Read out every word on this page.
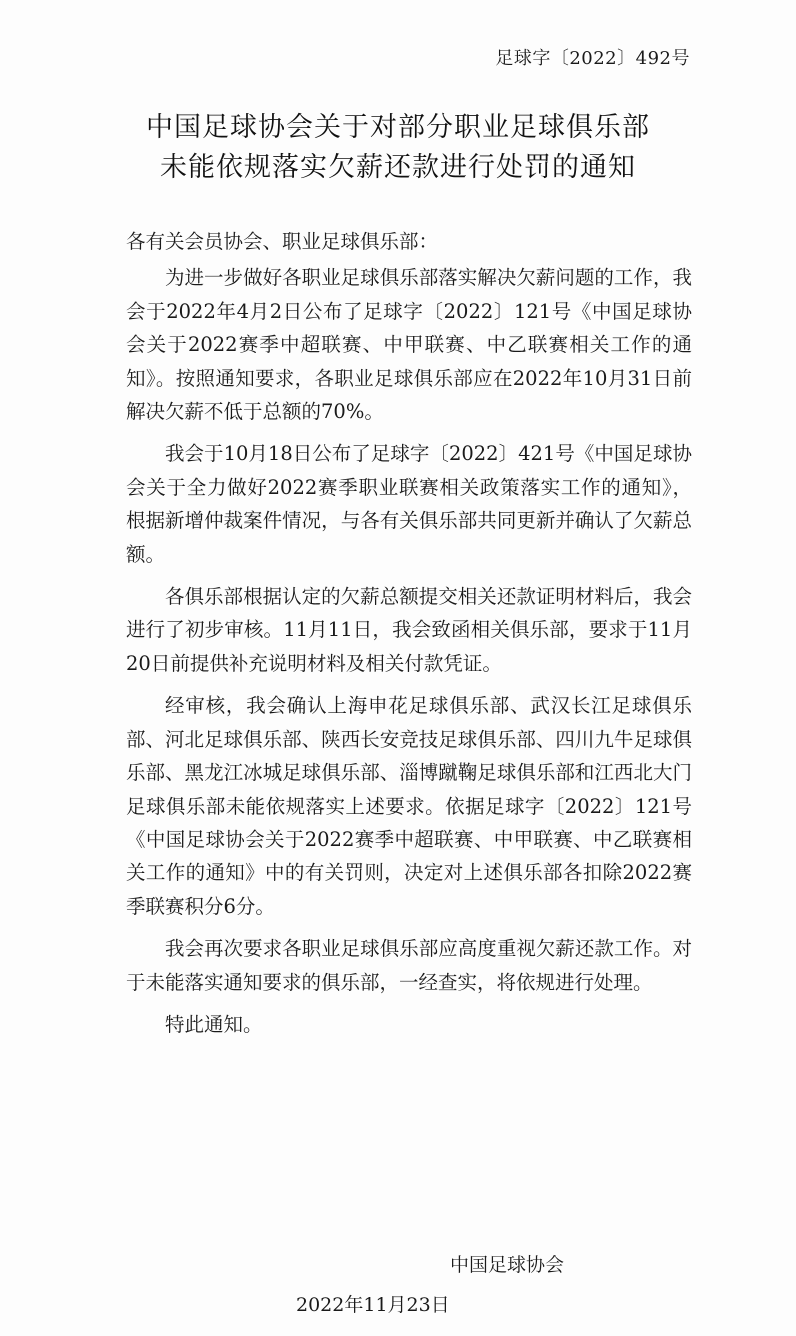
足球字〔2022〕492号
中国足球协会关于对部分职业足球俱乐部
未能依规落实欠薪还款进行处罚的通知

各有关会员协会、职业足球俱乐部：

为进一步做好各职业足球俱乐部落实解决欠薪问题的工作，我会于2022年4月2日公布了足球字〔2022〕121号《中国足球协会关于2022赛季中超联赛、中甲联赛、中乙联赛相关工作的通知》。按照通知要求，各职业足球俱乐部应在2022年10月31日前解决欠薪不低于总额的70%。

我会于10月18日公布了足球字〔2022〕421号《中国足球协会关于全力做好2022赛季职业联赛相关政策落实工作的通知》，根据新增仲裁案件情况，与各有关俱乐部共同更新并确认了欠薪总额。

各俱乐部根据认定的欠薪总额提交相关还款证明材料后，我会进行了初步审核。11月11日，我会致函相关俱乐部，要求于11月20日前提供补充说明材料及相关付款凭证。

经审核，我会确认上海申花足球俱乐部、武汉长江足球俱乐部、河北足球俱乐部、陕西长安竞技足球俱乐部、四川九牛足球俱乐部、黑龙江冰城足球俱乐部、淄博蹴鞠足球俱乐部和江西北大门足球俱乐部未能依规落实上述要求。依据足球字〔2022〕121号《中国足球协会关于2022赛季中超联赛、中甲联赛、中乙联赛相关工作的通知》中的有关罚则，决定对上述俱乐部各扣除2022赛季联赛积分6分。

我会再次要求各职业足球俱乐部应高度重视欠薪还款工作。对于未能落实通知要求的俱乐部，一经查实，将依规进行处理。

特此通知。

中国足球协会
2022年11月23日
